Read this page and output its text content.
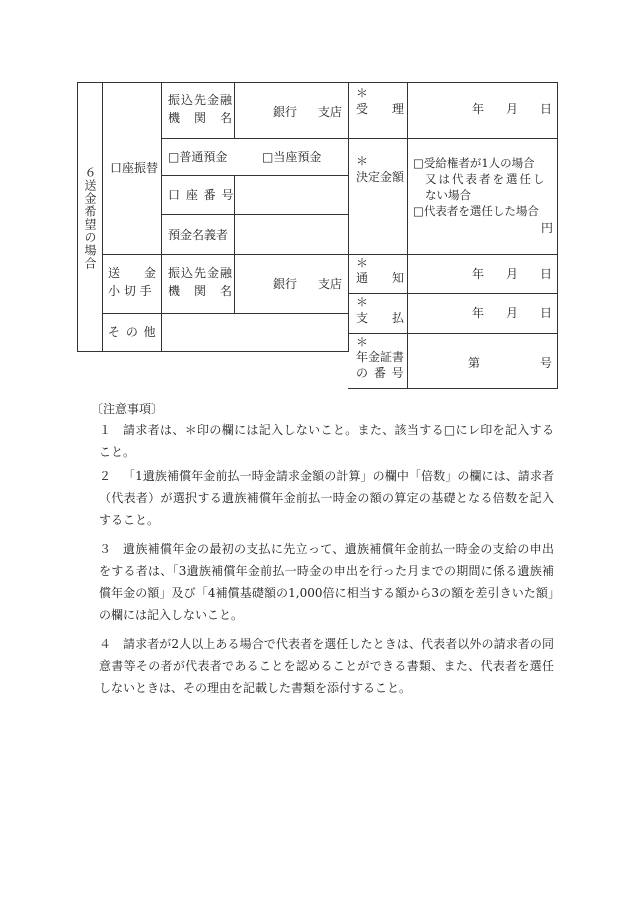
６送金希望の場合 口座振替
振込先金融
機　関　名	銀行 支店
□普通預金	□当座預金
口 座 番 号
預金名義者
送　　金
小 切 手
振込先金融
機　関　名	銀行 支店
そ の 他
＊
受　　理	年 月 日
＊
決定金額
□受給権者が1人の場合
又は代表者を選任し
ない場合
□代表者を選任した場合
円
＊
通　　知	年 月 日
＊
支　　払	年 月 日
＊
年金証書
の 番 号
第	号
〔注意事項〕
１ 請求者は、＊印の欄には記入しないこと。また、該当する□にレ印を記入すること。
２ 「1遺族補償年金前払一時金請求金額の計算」の欄中「倍数」の欄には、請求者（代表者）が選択する遺族補償年金前払一時金の額の算定の基礎となる倍数を記入すること。
３ 遺族補償年金の最初の支払に先立って、遺族補償年金前払一時金の支給の申出をする者は、「3遺族補償年金前払一時金の申出を行った月までの期間に係る遺族補償年金の額」及び「4補償基礎額の1,000倍に相当する額から3の額を差引きいた額」の欄には記入しないこと。
４ 請求者が2人以上ある場合で代表者を選任したときは、代表者以外の請求者の同意書等その者が代表者であることを認めることができる書類、また、代表者を選任しないときは、その理由を記載した書類を添付すること。
